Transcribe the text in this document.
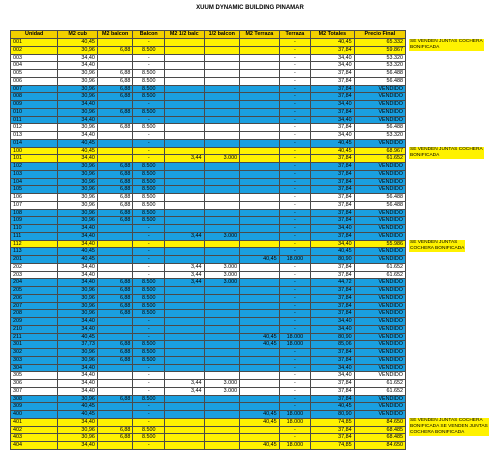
XUUM DYNAMIC BUILDING PINAMAR
Unidad	M2 cub	M2 balcon	Balcon	M2 1/2 balc	1/2 balcon	M2 Terraza	Terraza	M2 Totales	Precio Final
001	40,45		-				-	40,45	65.332
002	30,96	6,88	8.500				-	37,84	59.867
003	34,40		-				-	34,40	53.320
004	34,40		-				-	34,40	53.320
005	30,96	6,88	8.500				-	37,84	56.488
006	30,96	6,88	8.500				-	37,84	56.488
007	30,96	6,88	8.500				-	37,84	VENDIDO
008	30,96	6,88	8.500				-	37,84	VENDIDO
009	34,40		-				-	34,40	VENDIDO
010	30,96	6,88	8.500				-	37,84	VENDIDO
011	34,40		-				-	34,40	VENDIDO
012	30,96	6,88	8.500				-	37,84	56.488
013	34,40		-				-	34,40	53.320
014	40,45		-				-	40,45	VENDIDO
100	40,45		-				-	40,45	68.967
101	34,40		-	3,44	3.000		-	37,84	61.652
102	30,96	6,88	8.500				-	37,84	VENDIDO
103	30,96	6,88	8.500				-	37,84	VENDIDO
104	30,96	6,88	8.500				-	37,84	VENDIDO
105	30,96	6,88	8.500				-	37,84	VENDIDO
106	30,96	6,88	8.500				-	37,84	56.488
107	30,96	6,88	8.500				-	37,84	56.488
108	30,96	6,88	8.500				-	37,84	VENDIDO
109	30,96	6,88	8.500				-	37,84	VENDIDO
110	34,40		-				-	34,40	VENDIDO
111	34,40		-	3,44	3.000		-	37,84	VENDIDO
112	34,40		-				-	34,40	55.986
113	40,45		-				-	40,45	VENDIDO
201	40,45		-			40,45	18.000	80,90	VENDIDO
202	34,40		-	3,44	3.000		-	37,84	61.652
203	34,40		-	3,44	3.000		-	37,84	61.652
204	34,40	6,88	8.500	3,44	3.000		-	44,72	VENDIDO
205	30,96	6,88	8.500				-	37,84	VENDIDO
206	30,96	6,88	8.500				-	37,84	VENDIDO
207	30,96	6,88	8.500				-	37,84	VENDIDO
208	30,96	6,88	8.500				-	37,84	VENDIDO
209	34,40		-				-	34,40	VENDIDO
210	34,40		-				-	34,40	VENDIDO
211	40,45		-			40,45	18.000	80,90	VENDIDO
301	37,73	6,88	8.500			40,45	18.000	85,06	VENDIDO
302	30,96	6,88	8.500				-	37,84	VENDIDO
303	30,96	6,88	8.500				-	37,84	VENDIDO
304	34,40		-				-	34,40	VENDIDO
305	34,40		-				-	34,40	VENDIDO
306	34,40		-	3,44	3.000		-	37,84	61.652
307	34,40		-	3,44	3.000		-	37,84	61.652
308	30,96	6,88	8.500				-	37,84	VENDIDO
309	40,45		-				-	40,45	VENDIDO
400	40,45		-			40,45	18.000	80,90	VENDIDO
401	34,40		-			40,45	18.000	74,85	84.650
402	30,96	6,88	8.500				-	37,84	68.485
403	30,96	6,88	8.500				-	37,84	68.485
404	34,40		-			40,45	18.000	74,85	84.650
SE VENDEN JUNTAS COCHERA
BONIFICADA
SE VENDEN JUNTAS COCHERA
BONIFICADA
SE VENDEN JUNTAS
COCHERA BONIFICADA
SE VENDEN JUNTAS COCHERA
BONIFICADA SE VENDEN JUNTAS
COCHERA BONIFICADA
